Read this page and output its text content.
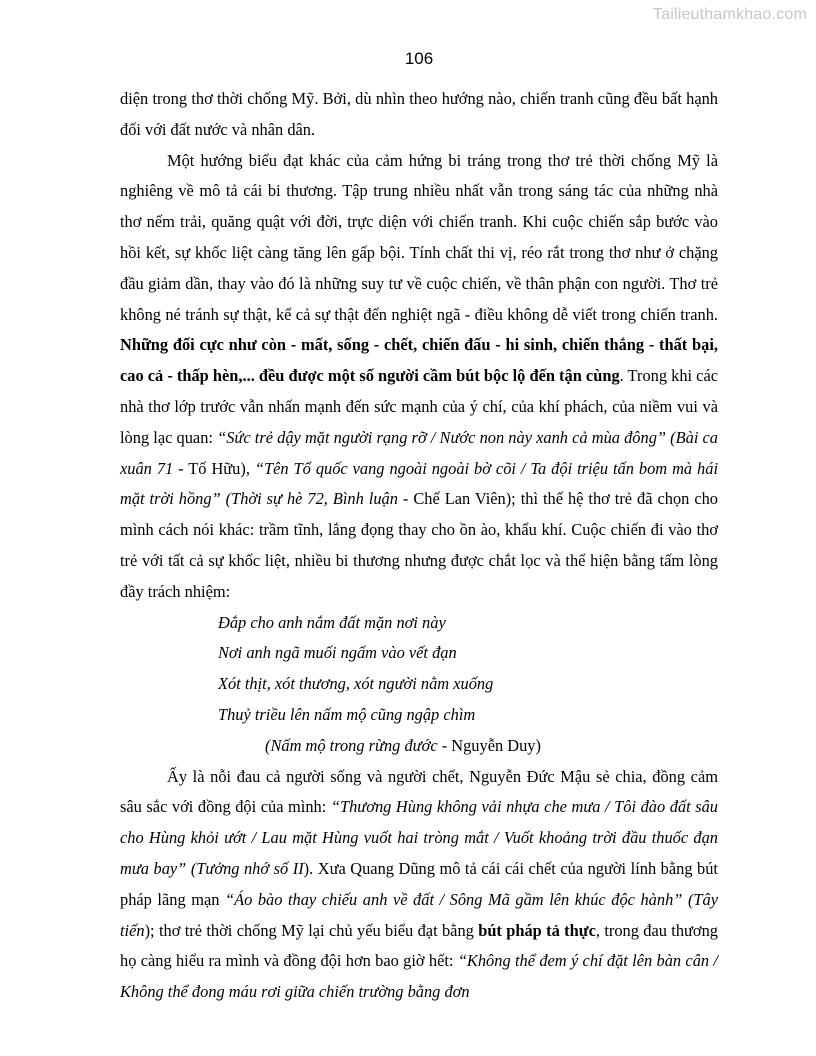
Tailieuthamkhao.com
106

diện trong thơ thời chống Mỹ. Bởi, dù nhìn theo hướng nào, chiến tranh cũng đều bất hạnh đối với đất nước và nhân dân.

Một hướng biểu đạt khác của cảm hứng bi tráng trong thơ trẻ thời chống Mỹ là nghiêng về mô tả cái bi thương. Tập trung nhiều nhất vẫn trong sáng tác của những nhà thơ nếm trải, quăng quật với đời, trực diện với chiến tranh. Khi cuộc chiến sắp bước vào hồi kết, sự khốc liệt càng tăng lên gấp bội. Tính chất thi vị, réo rắt trong thơ như ở chặng đầu giảm dần, thay vào đó là những suy tư về cuộc chiến, về thân phận con người. Thơ trẻ không né tránh sự thật, kể cả sự thật đến nghiệt ngã - điều không dễ viết trong chiến tranh. Những đối cực như còn - mất, sống - chết, chiến đấu - hi sinh, chiến thắng - thất bại, cao cả - thấp hèn,... đều được một số người cầm bút bộc lộ đến tận cùng. Trong khi các nhà thơ lớp trước vẫn nhấn mạnh đến sức mạnh của ý chí, của khí phách, của niềm vui và lòng lạc quan: “Sức trẻ dậy mặt người rạng rỡ / Nước non này xanh cả mùa đông” (Bài ca xuân 71 - Tố Hữu), “Tên Tổ quốc vang ngoài ngoài bờ cõi / Ta đội triệu tấn bom mà hái mặt trời hồng” (Thời sự hè 72, Bình luận - Chế Lan Viên); thì thế hệ thơ trẻ đã chọn cho mình cách nói khác: trầm tĩnh, lắng đọng thay cho ồn ào, khẩu khí. Cuộc chiến đi vào thơ trẻ với tất cả sự khốc liệt, nhiều bi thương nhưng được chắt lọc và thể hiện bằng tấm lòng đầy trách nhiệm:

Đắp cho anh nắm đất mặn nơi này

Nơi anh ngã muối ngấm vào vết đạn

Xót thịt, xót thương, xót người nằm xuống

Thuỷ triều lên nấm mộ cũng ngập chìm

(Nấm mộ trong rừng đước - Nguyễn Duy)

Ấy là nỗi đau cả người sống và người chết, Nguyễn Đức Mậu sẻ chia, đồng cảm sâu sắc với đồng đội của mình: “Thương Hùng không vải nhựa che mưa / Tôi đào đất sâu cho Hùng khỏi ướt / Lau mặt Hùng vuốt hai tròng mắt / Vuốt khoảng trời đầu thuốc đạn mưa bay” (Tưởng nhớ số II). Xưa Quang Dũng mô tả cái cái chết của người lính bằng bút pháp lãng mạn “Áo bào thay chiếu anh về đất / Sông Mã gầm lên khúc độc hành” (Tây tiến); thơ trẻ thời chống Mỹ lại chủ yếu biểu đạt bằng bút pháp tả thực, trong đau thương họ càng hiểu ra mình và đồng đội hơn bao giờ hết: “Không thể đem ý chí đặt lên bàn cân / Không thể đong máu rơi giữa chiến trường bằng đơn
